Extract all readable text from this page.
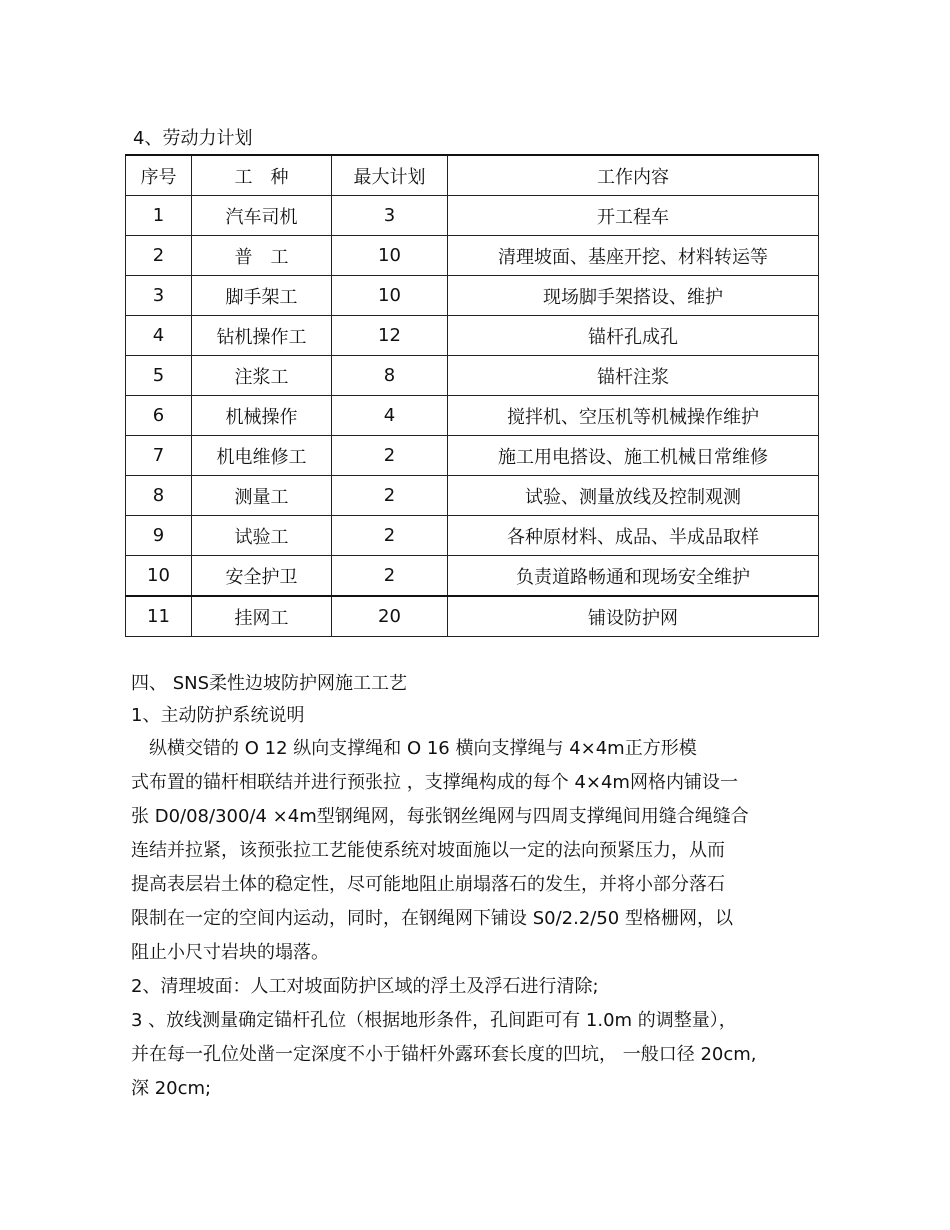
4、劳动力计划
序号	工　种	最大计划	工作内容
1	汽车司机	3	开工程车
2	普　工	10	清理坡面、基座开挖、材料转运等
3	脚手架工	10	现场脚手架搭设、维护
4	钻机操作工	12	锚杆孔成孔
5	注浆工	8	锚杆注浆
6	机械操作	4	搅拌机、空压机等机械操作维护
7	机电维修工	2	施工用电搭设、施工机械日常维修
8	测量工	2	试验、测量放线及控制观测
9	试验工	2	各种原材料、成品、半成品取样
10	安全护卫	2	负责道路畅通和现场安全维护
11	挂网工	20	铺设防护网
四、 SNS柔性边坡防护网施工工艺
1、主动防护系统说明
　纵横交错的 O 12 纵向支撑绳和 O 16 横向支撑绳与 4×4m正方形模
式布置的锚杆相联结并进行预张拉 ，支撑绳构成的每个 4×4m网格内铺设一
张 D0/08/300/4 ×4m型钢绳网，每张钢丝绳网与四周支撑绳间用缝合绳缝合
连结并拉紧，该预张拉工艺能使系统对坡面施以一定的法向预紧压力，从而
提高表层岩土体的稳定性，尽可能地阻止崩塌落石的发生，并将小部分落石
限制在一定的空间内运动，同时，在钢绳网下铺设 S0/2.2/50 型格栅网，以
阻止小尺寸岩块的塌落。
2、清理坡面：人工对坡面防护区域的浮土及浮石进行清除;
3 、放线测量确定锚杆孔位（根据地形条件，孔间距可有 1.0m 的调整量），
并在每一孔位处凿一定深度不小于锚杆外露环套长度的凹坑， 一般口径 20cm,
深 20cm;
